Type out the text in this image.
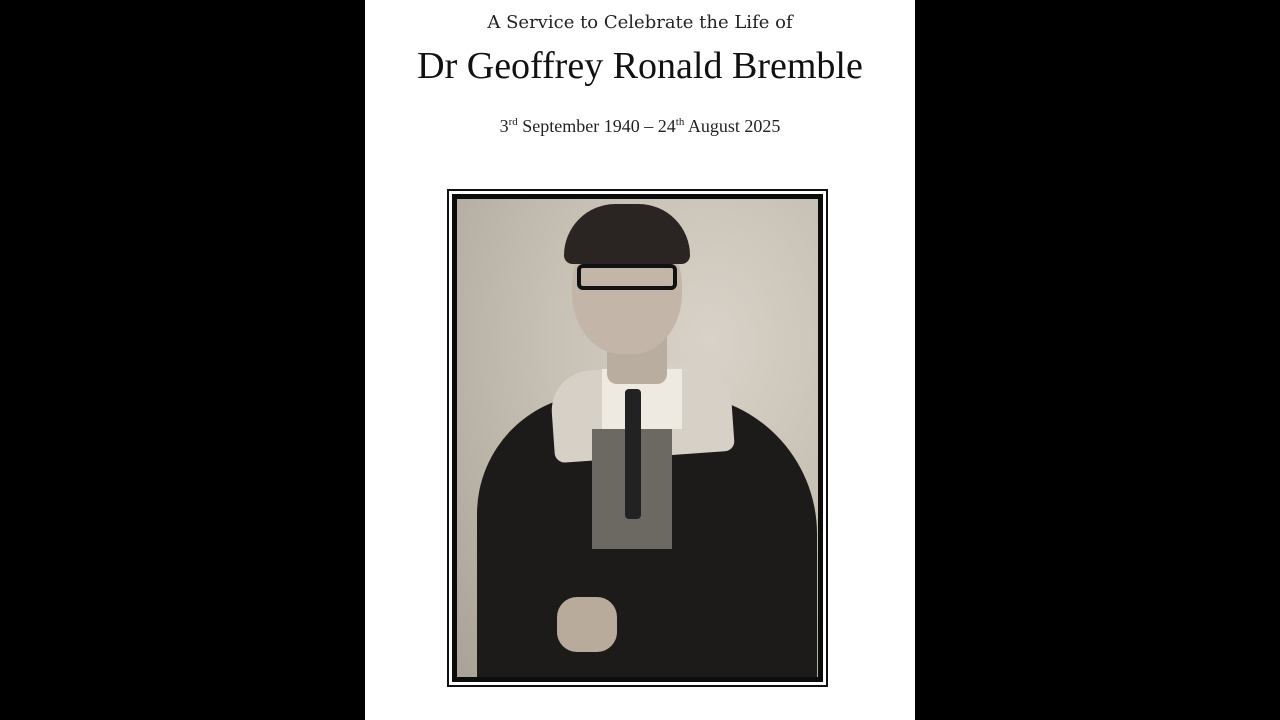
A Service to Celebrate the Life of
Dr Geoffrey Ronald Bremble
3rd September 1940 – 24th August 2025
